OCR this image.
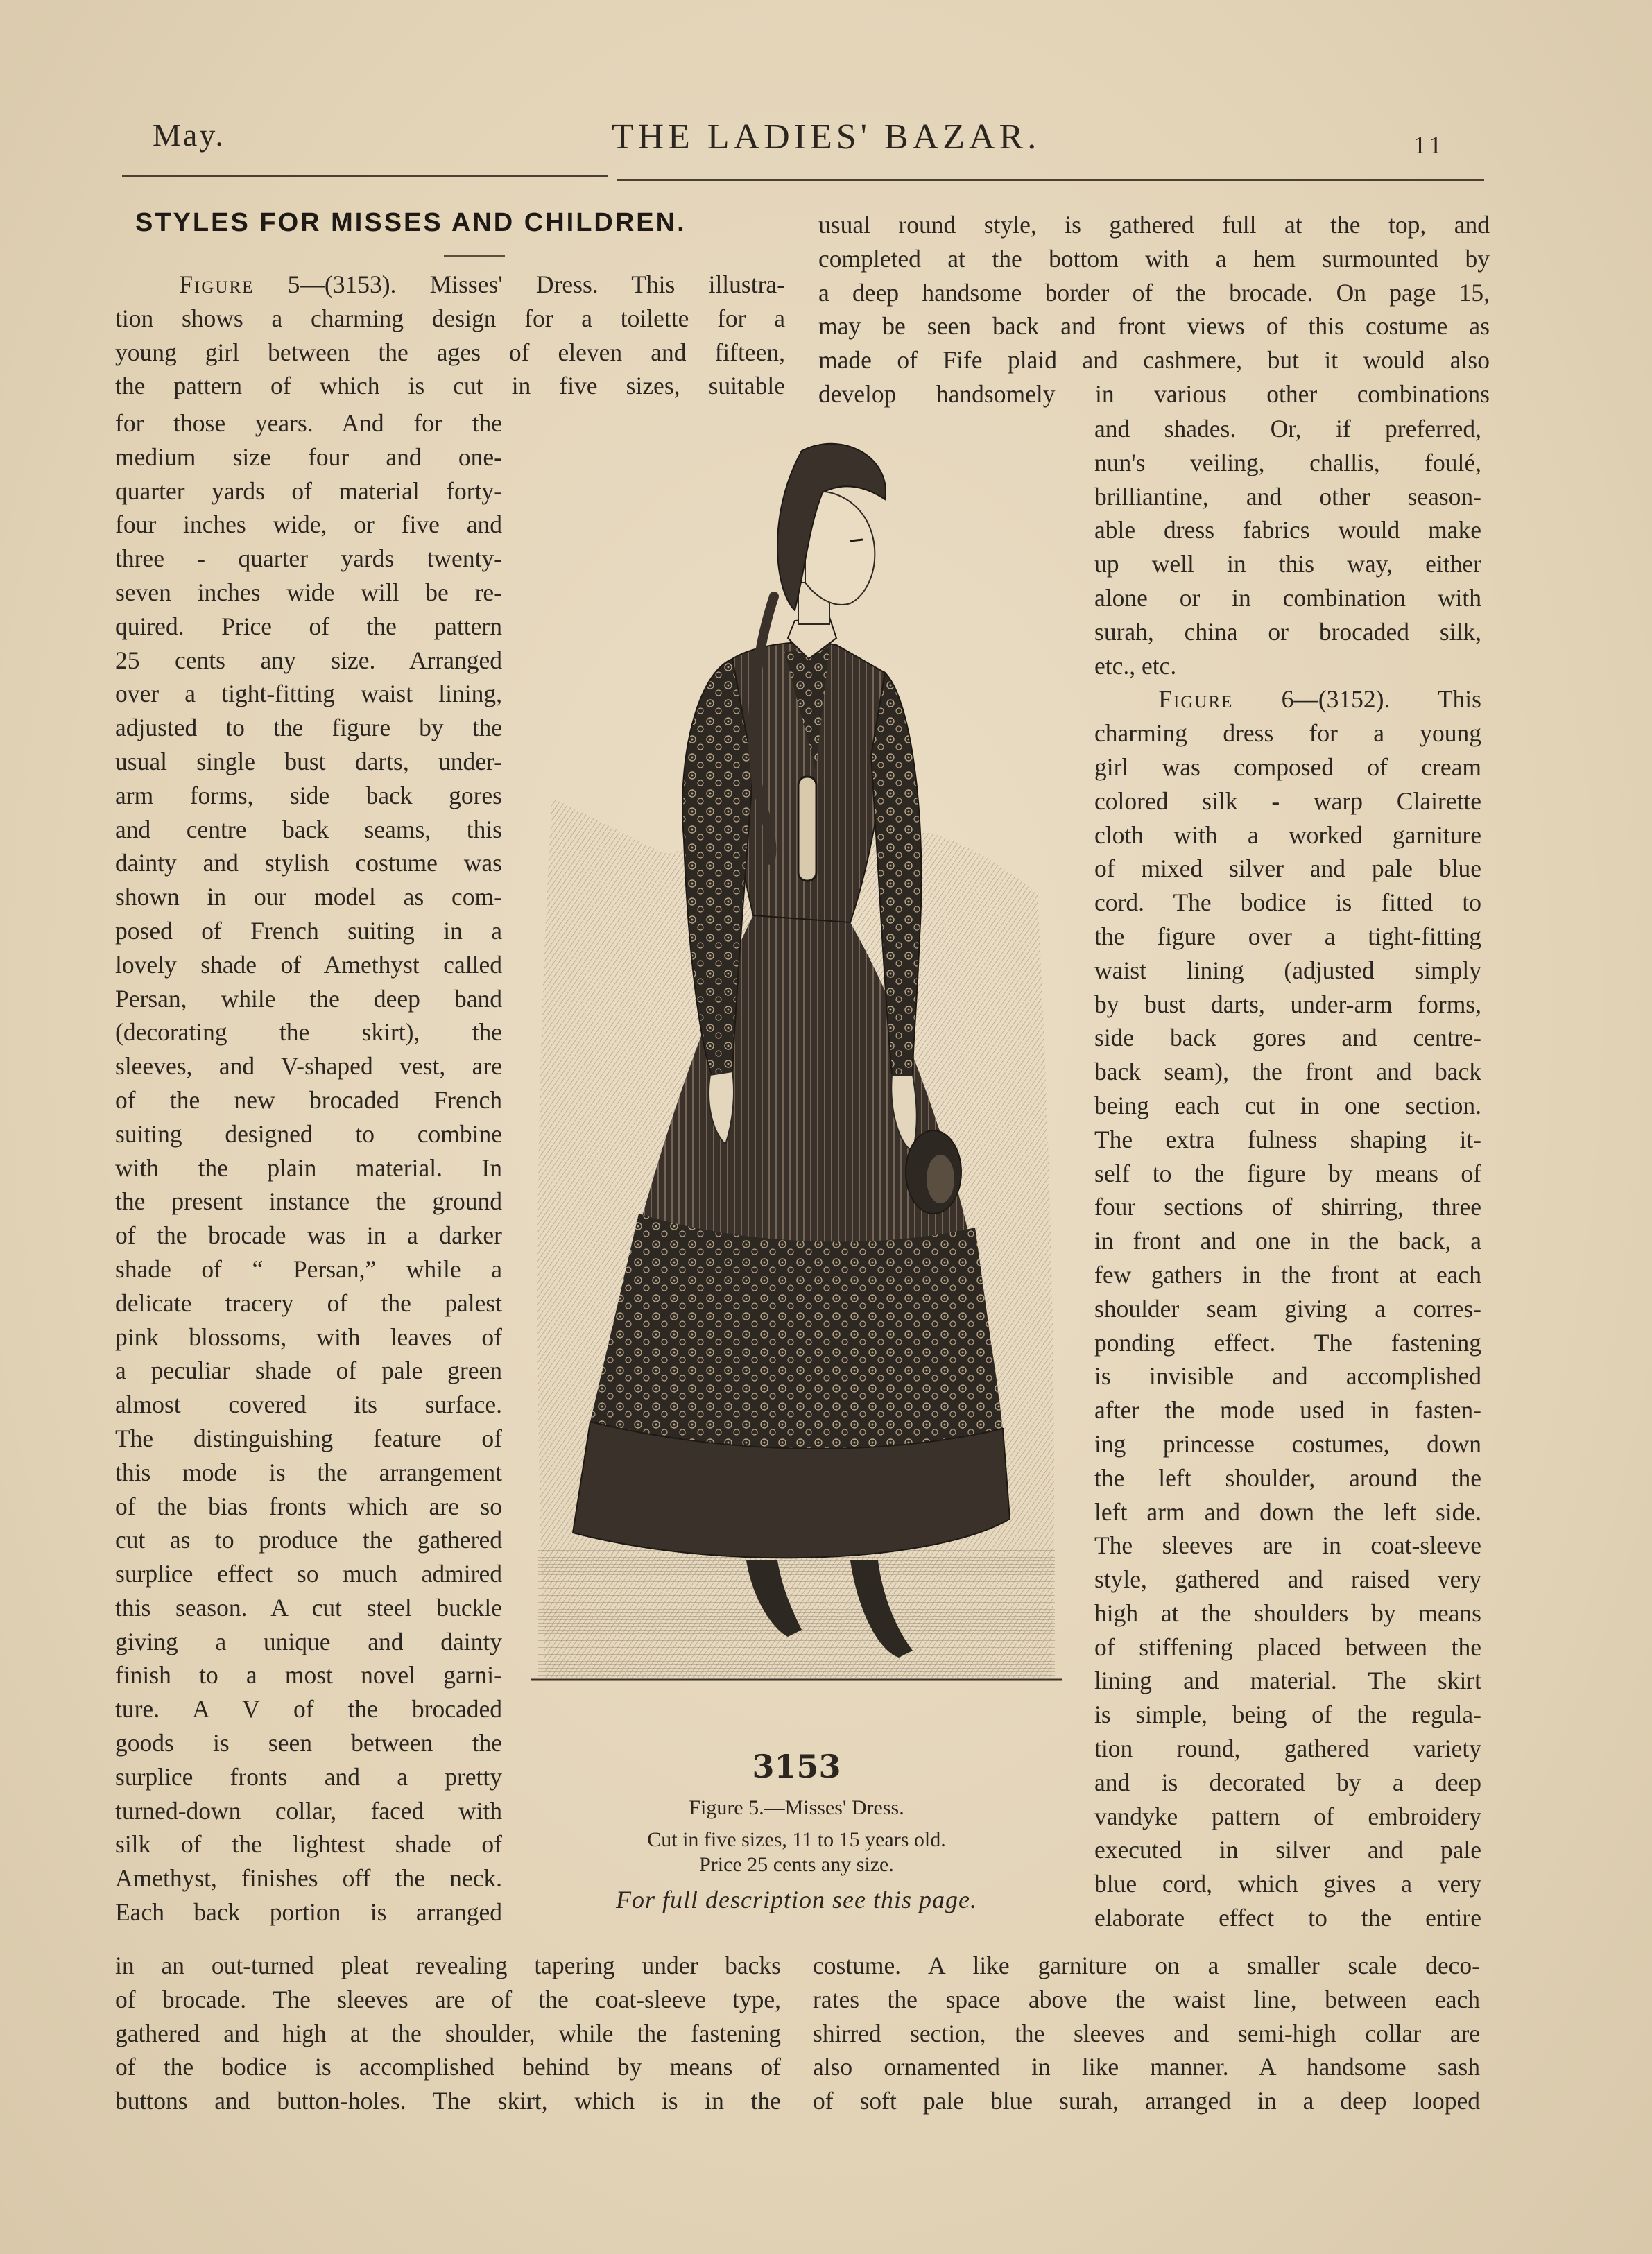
May.	THE LADIES' BAZAR.	11
STYLES FOR MISSES AND CHILDREN.

Figure 5—(3153). Misses' Dress. This illustra-

tion shows a charming design for a toilette for a

young girl between the ages of eleven and fifteen,

the pattern of which is cut in five sizes, suitable

for those years. And for the

medium size four and one-

quarter yards of material forty-

four inches wide, or five and

three - quarter yards twenty-

seven inches wide will be re-

quired. Price of the pattern

25 cents any size. Arranged

over a tight-fitting waist lining,

adjusted to the figure by the

usual single bust darts, under-

arm forms, side back gores

and centre back seams, this

dainty and stylish costume was

shown in our model as com-

posed of French suiting in a

lovely shade of Amethyst called

Persan, while the deep band

(decorating the skirt), the

sleeves, and V-shaped vest, are

of the new brocaded French

suiting designed to combine

with the plain material. In

the present instance the ground

of the brocade was in a darker

shade of “ Persan,” while a

delicate tracery of the palest

pink blossoms, with leaves of

a peculiar shade of pale green

almost covered its surface.

The distinguishing feature of

this mode is the arrangement

of the bias fronts which are so

cut as to produce the gathered

surplice effect so much admired

this season. A cut steel buckle

giving a unique and dainty

finish to a most novel garni-

ture. A V of the brocaded

goods is seen between the

surplice fronts and a pretty

turned-down collar, faced with

silk of the lightest shade of

Amethyst, finishes off the neck.

Each back portion is arranged

in an out-turned pleat revealing tapering under backs

of brocade. The sleeves are of the coat-sleeve type,

gathered and high at the shoulder, while the fastening

of the bodice is accomplished behind by means of

buttons and button-holes. The skirt, which is in the

usual round style, is gathered full at the top, and

completed at the bottom with a hem surmounted by

a deep handsome border of the brocade. On page 15,

may be seen back and front views of this costume as

made of Fife plaid and cashmere, but it would also

develop handsomely in various other combinations

and shades. Or, if preferred,

nun's veiling, challis, foulé,

brilliantine, and other season-

able dress fabrics would make

up well in this way, either

alone or in combination with

surah, china or brocaded silk,

etc., etc.

Figure 6—(3152). This

charming dress for a young

girl was composed of cream

colored silk - warp Clairette

cloth with a worked garniture

of mixed silver and pale blue

cord. The bodice is fitted to

the figure over a tight-fitting

waist lining (adjusted simply

by bust darts, under-arm forms,

side back gores and centre-

back seam), the front and back

being each cut in one section.

The extra fulness shaping it-

self to the figure by means of

four sections of shirring, three

in front and one in the back, a

few gathers in the front at each

shoulder seam giving a corres-

ponding effect. The fastening

is invisible and accomplished

after the mode used in fasten-

ing princesse costumes, down

the left shoulder, around the

left arm and down the left side.

The sleeves are in coat-sleeve

style, gathered and raised very

high at the shoulders by means

of stiffening placed between the

lining and material. The skirt

is simple, being of the regula-

tion round, gathered variety

and is decorated by a deep

vandyke pattern of embroidery

executed in silver and pale

blue cord, which gives a very

elaborate effect to the entire

costume. A like garniture on a smaller scale deco-

rates the space above the waist line, between each

shirred section, the sleeves and semi-high collar are

also ornamented in like manner. A handsome sash

of soft pale blue surah, arranged in a deep looped

3153
Figure 5.—Misses' Dress.
Cut in five sizes, 11 to 15 years old.
Price 25 cents any size.
For full description see this page.
